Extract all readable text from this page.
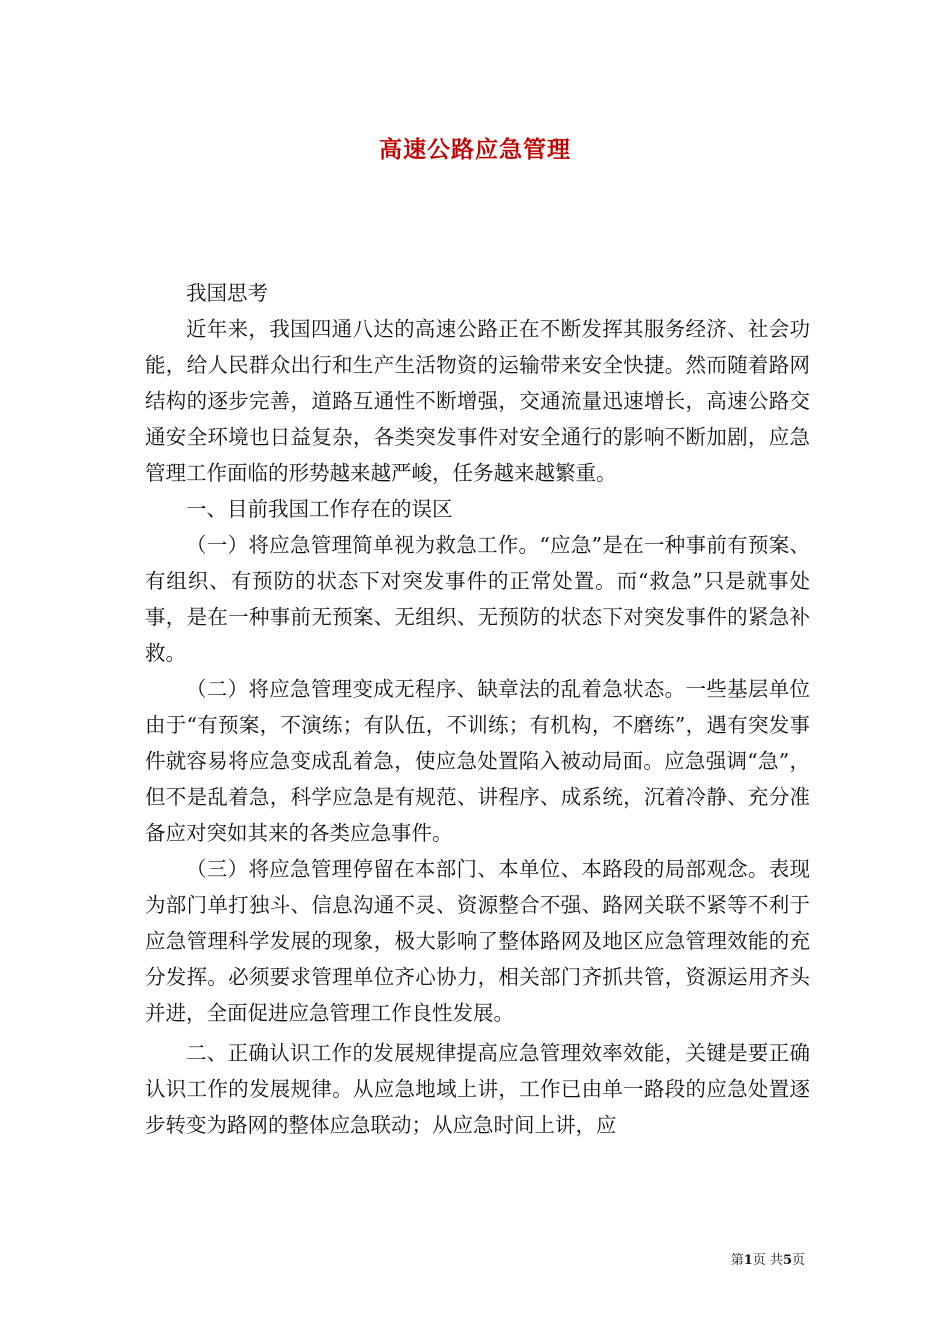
高速公路应急管理

我国思考

近年来，我国四通八达的高速公路正在不断发挥其服务经济、社会功能，给人民群众出行和生产生活物资的运输带来安全快捷。然而随着路网结构的逐步完善，道路互通性不断增强，交通流量迅速增长，高速公路交通安全环境也日益复杂，各类突发事件对安全通行的影响不断加剧，应急管理工作面临的形势越来越严峻，任务越来越繁重。

一、目前我国工作存在的误区

（一）将应急管理简单视为救急工作。“应急”是在一种事前有预案、有组织、有预防的状态下对突发事件的正常处置。而“救急”只是就事处事，是在一种事前无预案、无组织、无预防的状态下对突发事件的紧急补救。

（二）将应急管理变成无程序、缺章法的乱着急状态。一些基层单位由于“有预案，不演练；有队伍，不训练；有机构，不磨练”，遇有突发事件就容易将应急变成乱着急，使应急处置陷入被动局面。应急强调“急”，但不是乱着急，科学应急是有规范、讲程序、成系统，沉着冷静、充分准备应对突如其来的各类应急事件。

（三）将应急管理停留在本部门、本单位、本路段的局部观念。表现为部门单打独斗、信息沟通不灵、资源整合不强、路网关联不紧等不利于应急管理科学发展的现象，极大影响了整体路网及地区应急管理效能的充分发挥。必须要求管理单位齐心协力，相关部门齐抓共管，资源运用齐头并进，全面促进应急管理工作良性发展。

二、正确认识工作的发展规律提高应急管理效率效能，关键是要正确认识工作的发展规律。从应急地域上讲，工作已由单一路段的应急处置逐步转变为路网的整体应急联动；从应急时间上讲，应

第1页 共5页
